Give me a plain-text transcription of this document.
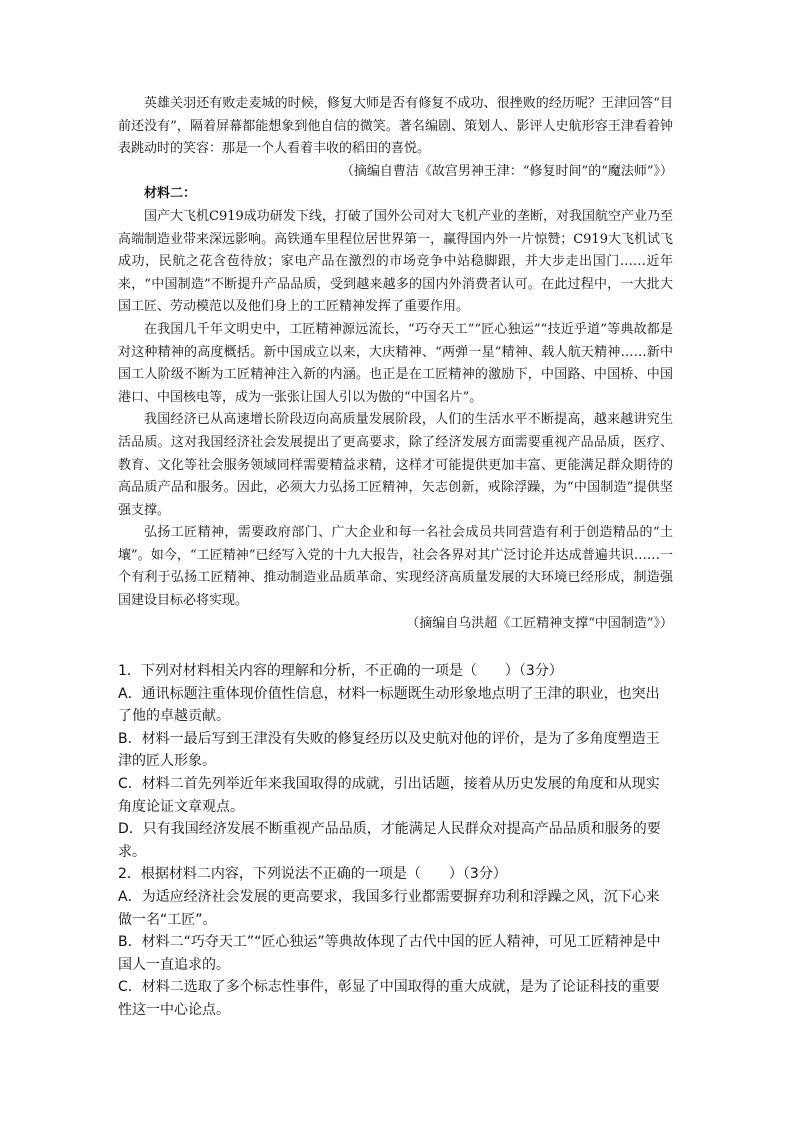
英雄关羽还有败走麦城的时候，修复大师是否有修复不成功、很挫败的经历呢？王津回答“目前还没有”，隔着屏幕都能想象到他自信的微笑。著名编剧、策划人、影评人史航形容王津看着钟表跳动时的笑容：那是一个人看着丰收的稻田的喜悦。

（摘编自曹洁《故宫男神王津：“修复时间”的“魔法师”》）

材料二：

国产大飞机C919成功研发下线，打破了国外公司对大飞机产业的垄断，对我国航空产业乃至高端制造业带来深远影响。高铁通车里程位居世界第一，赢得国内外一片惊赞；C919大飞机试飞成功，民航之花含苞待放；家电产品在激烈的市场竞争中站稳脚跟，并大步走出国门……近年来，“中国制造”不断提升产品品质，受到越来越多的国内外消费者认可。在此过程中，一大批大国工匠、劳动模范以及他们身上的工匠精神发挥了重要作用。

在我国几千年文明史中，工匠精神源远流长，“巧夺天工”“匠心独运”“技近乎道”等典故都是对这种精神的高度概括。新中国成立以来，大庆精神、“两弹一星”精神、载人航天精神……新中国工人阶级不断为工匠精神注入新的内涵。也正是在工匠精神的激励下，中国路、中国桥、中国港口、中国核电等，成为一张张让国人引以为傲的“中国名片”。

我国经济已从高速增长阶段迈向高质量发展阶段，人们的生活水平不断提高，越来越讲究生活品质。这对我国经济社会发展提出了更高要求，除了经济发展方面需要重视产品品质，医疗、教育、文化等社会服务领域同样需要精益求精，这样才可能提供更加丰富、更能满足群众期待的高品质产品和服务。因此，必须大力弘扬工匠精神，矢志创新，戒除浮躁，为“中国制造”提供坚强支撑。

弘扬工匠精神，需要政府部门、广大企业和每一名社会成员共同营造有利于创造精品的“土壤”。如今，“工匠精神”已经写入党的十九大报告，社会各界对其广泛讨论并达成普遍共识……一个有利于弘扬工匠精神、推动制造业品质革命、实现经济高质量发展的大环境已经形成，制造强国建设目标必将实现。

（摘编自乌洪超《工匠精神支撑“中国制造”》）

1．下列对材料相关内容的理解和分析，不正确的一项是（　　）（3分）

A．通讯标题注重体现价值性信息，材料一标题既生动形象地点明了王津的职业，也突出了他的卓越贡献。

B．材料一最后写到王津没有失败的修复经历以及史航对他的评价，是为了多角度塑造王津的匠人形象。

C．材料二首先列举近年来我国取得的成就，引出话题，接着从历史发展的角度和从现实角度论证文章观点。

D．只有我国经济发展不断重视产品品质，才能满足人民群众对提高产品品质和服务的要求。

2．根据材料二内容，下列说法不正确的一项是（　　）（3分）

A．为适应经济社会发展的更高要求，我国多行业都需要摒弃功利和浮躁之风，沉下心来做一名“工匠”。

B．材料二“巧夺天工”“匠心独运”等典故体现了古代中国的匠人精神，可见工匠精神是中国人一直追求的。

C．材料二选取了多个标志性事件，彰显了中国取得的重大成就，是为了论证科技的重要性这一中心论点。
